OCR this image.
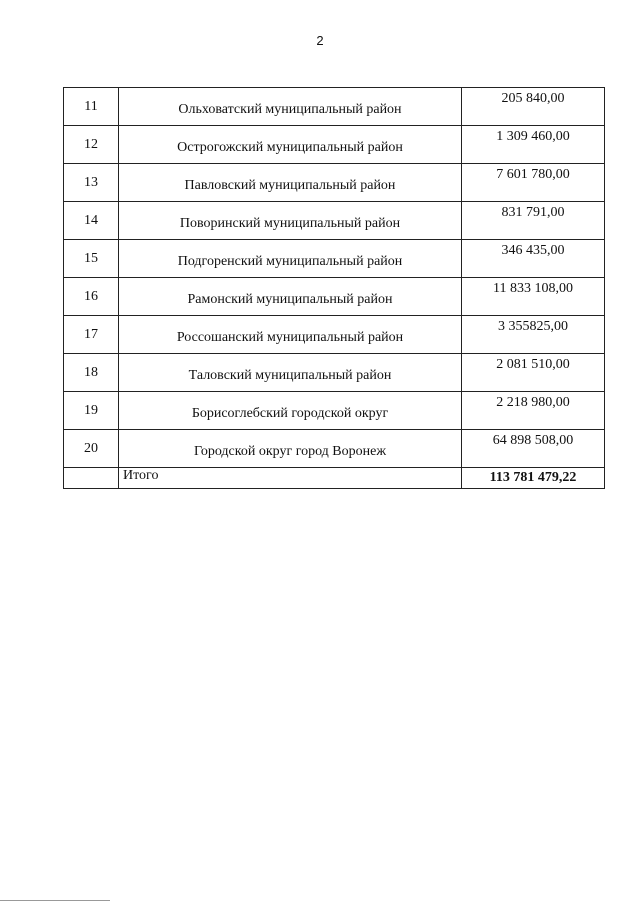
2
11	Ольховатский муниципальный район	205 840,00
12	Острогожский муниципальный район	1 309 460,00
13	Павловский муниципальный район	7 601 780,00
14	Поворинский муниципальный район	831 791,00
15	Подгоренский муниципальный район	346 435,00
16	Рамонский муниципальный район	11 833 108,00
17	Россошанский муниципальный район	3 355825,00
18	Таловский муниципальный район	2 081 510,00
19	Борисоглебский городской округ	2 218 980,00
20	Городской округ город Воронеж	64 898 508,00
	Итого	113 781 479,22
